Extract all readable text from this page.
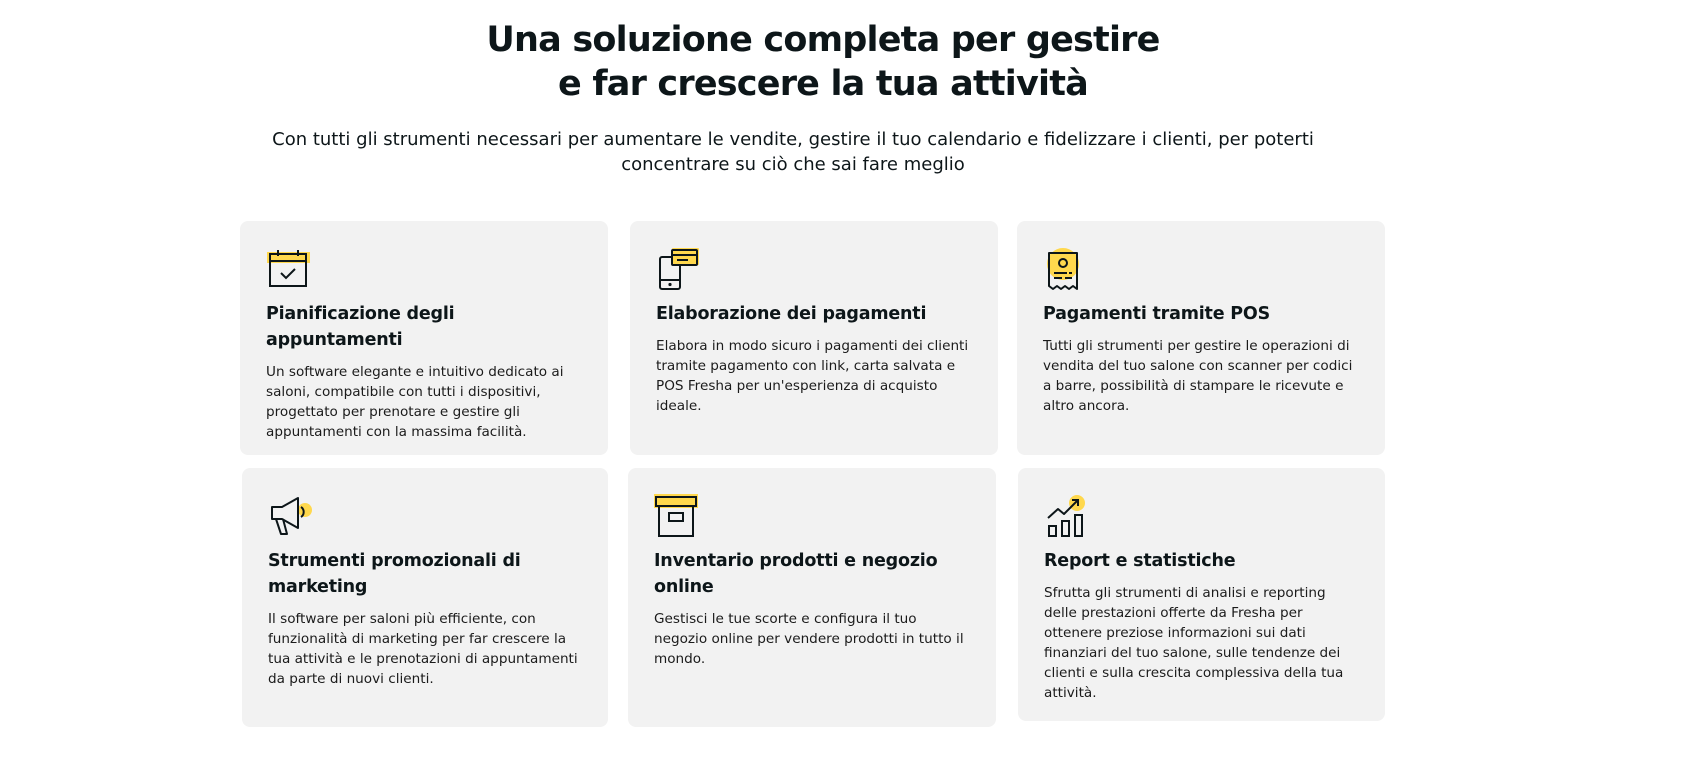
Una soluzione completa per gestire
e far crescere la tua attività

Con tutti gli strumenti necessari per aumentare le vendite, gestire il tuo calendario e fidelizzare i clienti, per poterti concentrare su ciò che sai fare meglio

Pianificazione degli appuntamenti

Un software elegante e intuitivo dedicato ai saloni, compatibile con tutti i dispositivi, progettato per prenotare e gestire gli appuntamenti con la massima facilità.

Elaborazione dei pagamenti

Elabora in modo sicuro i pagamenti dei clienti tramite pagamento con link, carta salvata e POS Fresha per un'esperienza di acquisto ideale.

Pagamenti tramite POS

Tutti gli strumenti per gestire le operazioni di vendita del tuo salone con scanner per codici a barre, possibilità di stampare le ricevute e altro ancora.

Strumenti promozionali di marketing

Il software per saloni più efficiente, con funzionalità di marketing per far crescere la tua attività e le prenotazioni di appuntamenti da parte di nuovi clienti.

Inventario prodotti e negozio online

Gestisci le tue scorte e configura il tuo negozio online per vendere prodotti in tutto il mondo.

Report e statistiche

Sfrutta gli strumenti di analisi e reporting delle prestazioni offerte da Fresha per ottenere preziose informazioni sui dati finanziari del tuo salone, sulle tendenze dei clienti e sulla crescita complessiva della tua attività.
